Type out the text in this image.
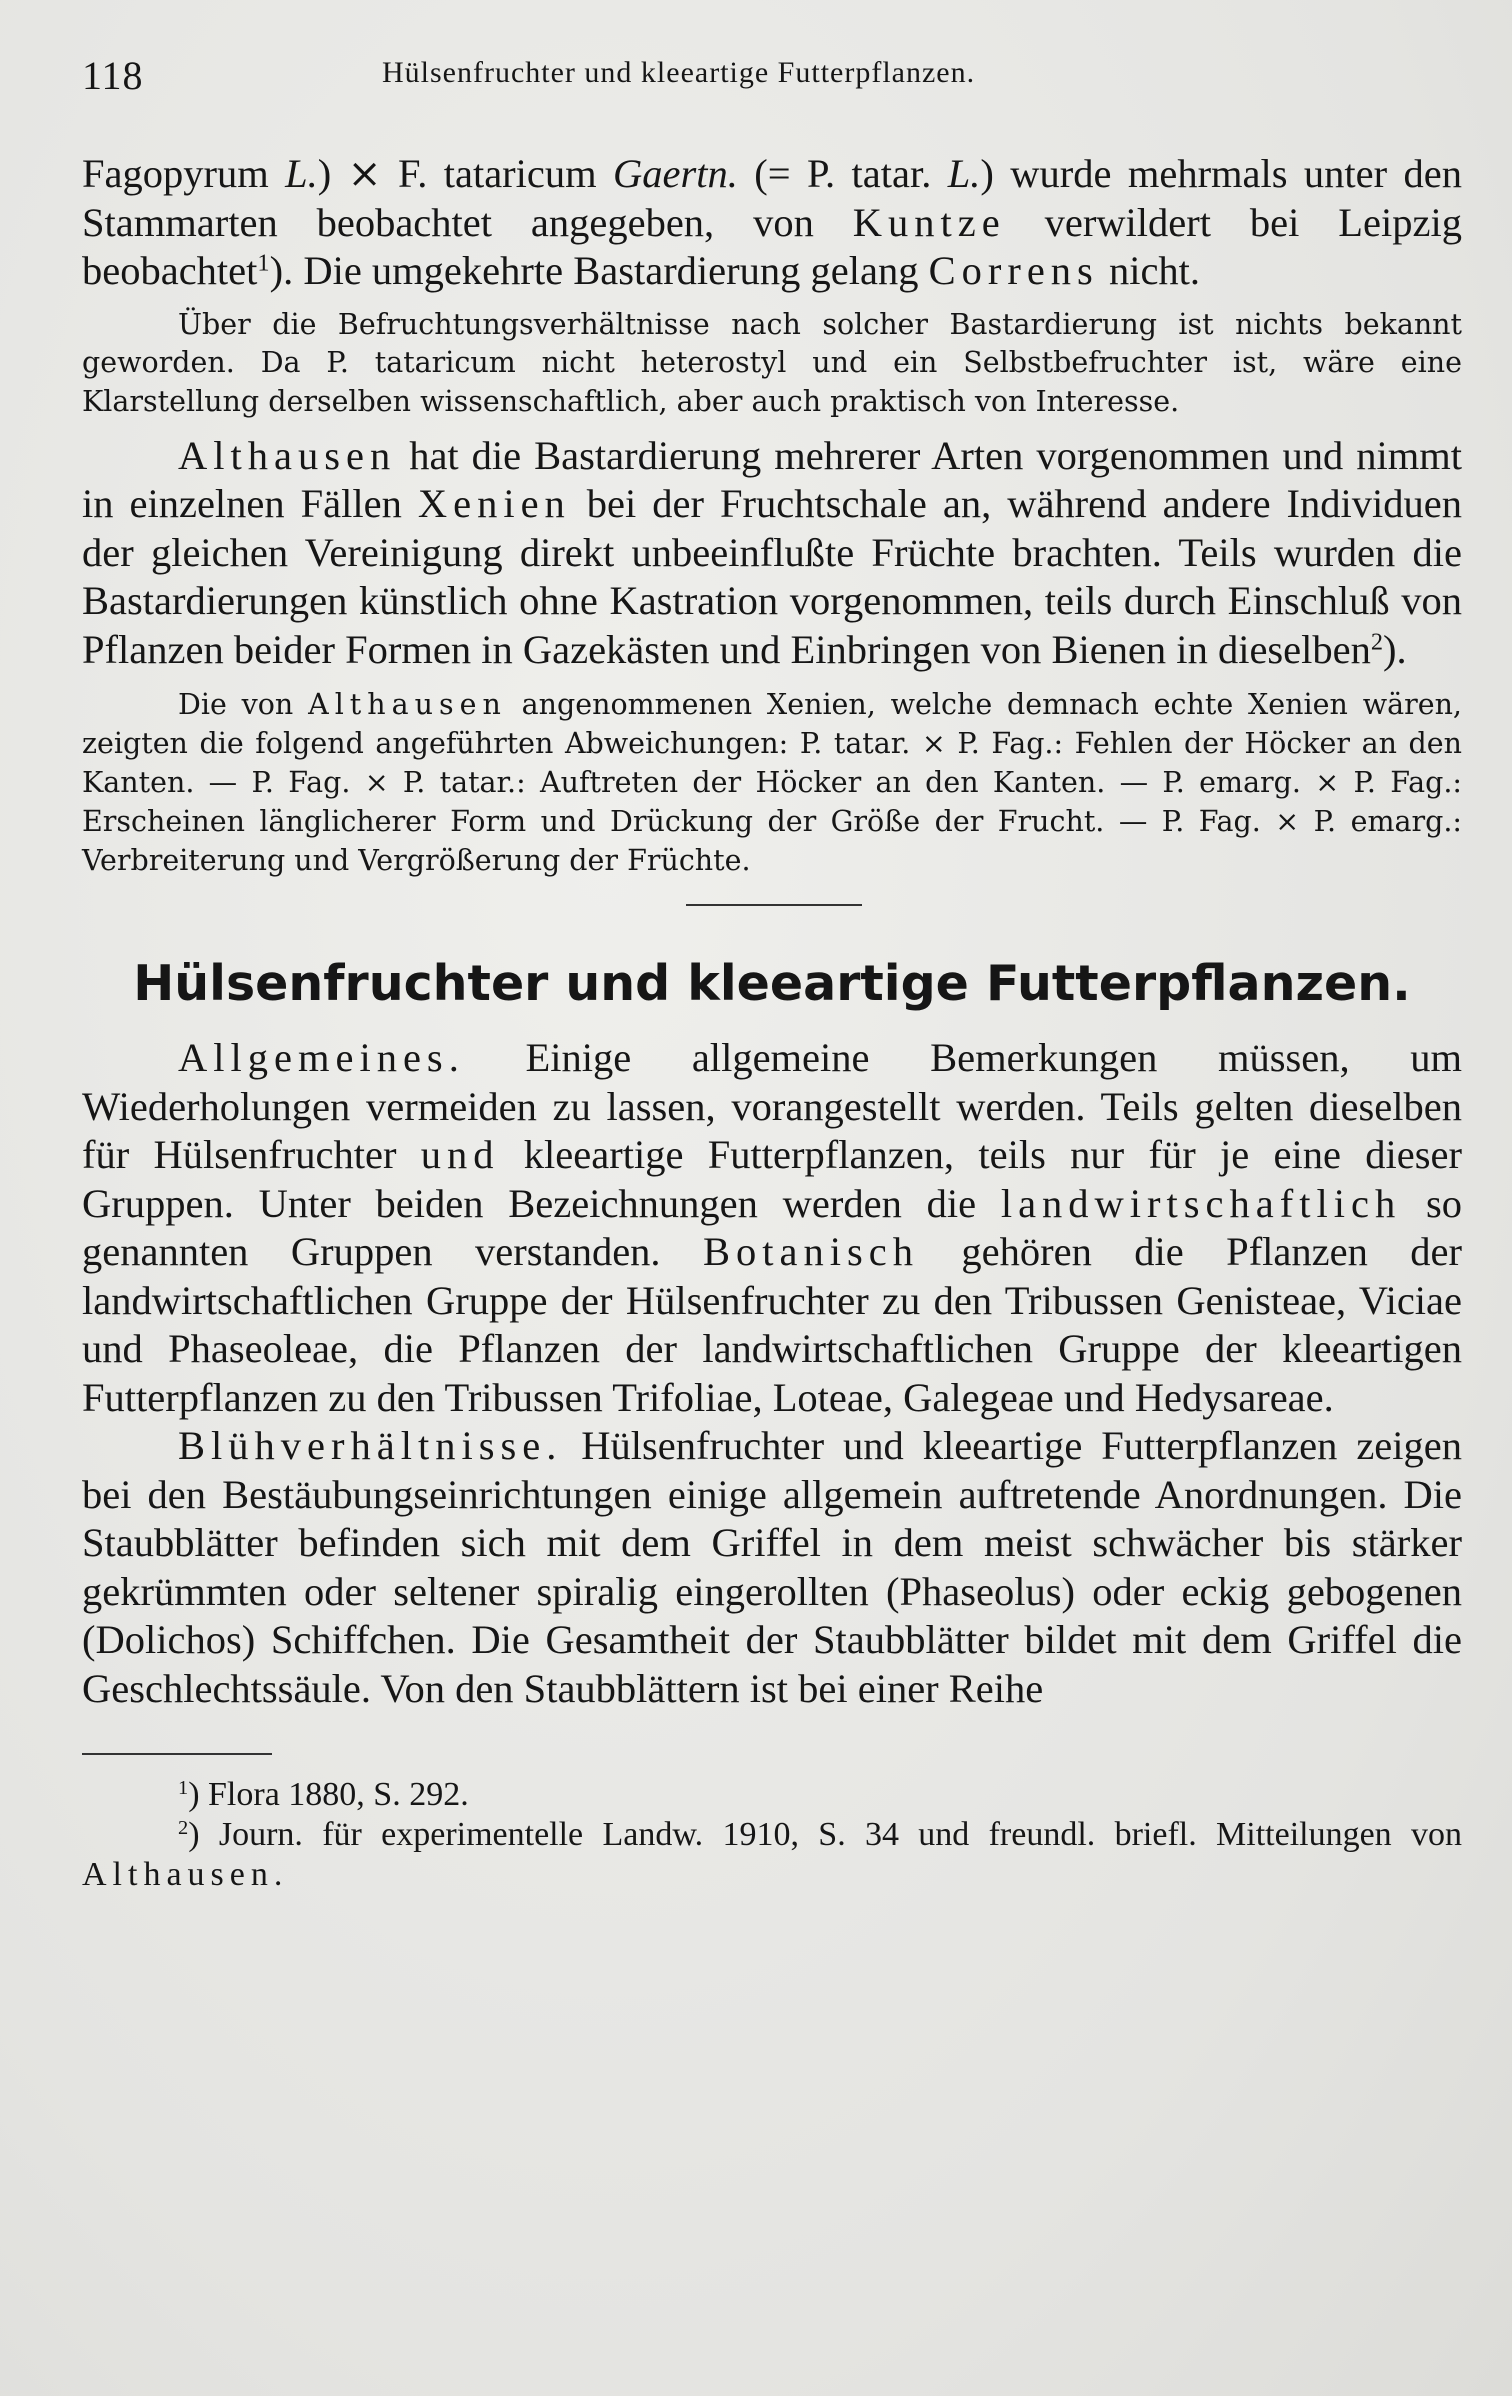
118	Hülsenfruchter und kleeartige Futterpflanzen.

Fagopyrum L.) ⨯ F. tataricum Gaertn. (= P. tatar. L.) wurde mehrmals unter den Stammarten beobachtet angegeben, von Kuntze verwildert bei Leipzig beobachtet$^1$). Die umgekehrte Bastardierung gelang Correns nicht.

Über die Befruchtungsverhältnisse nach solcher Bastardierung ist nichts bekannt geworden. Da P. tataricum nicht heterostyl und ein Selbstbefruchter ist, wäre eine Klarstellung derselben wissenschaftlich, aber auch praktisch von Interesse.

Althausen hat die Bastardierung mehrerer Arten vorgenommen und nimmt in einzelnen Fällen Xenien bei der Fruchtschale an, während andere Individuen der gleichen Vereinigung direkt unbeeinflußte Früchte brachten. Teils wurden die Bastardierungen künstlich ohne Kastration vorgenommen, teils durch Einschluß von Pflanzen beider Formen in Gazekästen und Einbringen von Bienen in dieselben$^2$).

Die von Althausen angenommenen Xenien, welche demnach echte Xenien wären, zeigten die folgend angeführten Abweichungen: P. tatar. ⨯ P. Fag.: Fehlen der Höcker an den Kanten. — P. Fag. ⨯ P. tatar.: Auftreten der Höcker an den Kanten. — P. emarg. ⨯ P. Fag.: Erscheinen länglicherer Form und Drückung der Größe der Frucht. — P. Fag. ⨯ P. emarg.: Verbreiterung und Vergrößerung der Früchte.

Hülsenfruchter und kleeartige Futterpflanzen.

Allgemeines. Einige allgemeine Bemerkungen müssen, um Wiederholungen vermeiden zu lassen, vorangestellt werden. Teils gelten dieselben für Hülsenfruchter und kleeartige Futterpflanzen, teils nur für je eine dieser Gruppen. Unter beiden Bezeichnungen werden die landwirtschaftlich so genannten Gruppen verstanden. Botanisch gehören die Pflanzen der landwirtschaftlichen Gruppe der Hülsenfruchter zu den Tribussen Genisteae, Viciae und Phaseoleae, die Pflanzen der landwirtschaftlichen Gruppe der kleeartigen Futterpflanzen zu den Tribussen Trifoliae, Loteae, Galegeae und Hedysareae.

Blühverhältnisse. Hülsenfruchter und kleeartige Futterpflanzen zeigen bei den Bestäubungseinrichtungen einige allgemein auftretende Anordnungen. Die Staubblätter befinden sich mit dem Griffel in dem meist schwächer bis stärker gekrümmten oder seltener spiralig eingerollten (Phaseolus) oder eckig gebogenen (Dolichos) Schiffchen. Die Gesamtheit der Staubblätter bildet mit dem Griffel die Geschlechtssäule. Von den Staubblättern ist bei einer Reihe

$^1$) Flora 1880, S. 292.

$^2$) Journ. für experimentelle Landw. 1910, S. 34 und freundl. briefl. Mitteilungen von Althausen.
